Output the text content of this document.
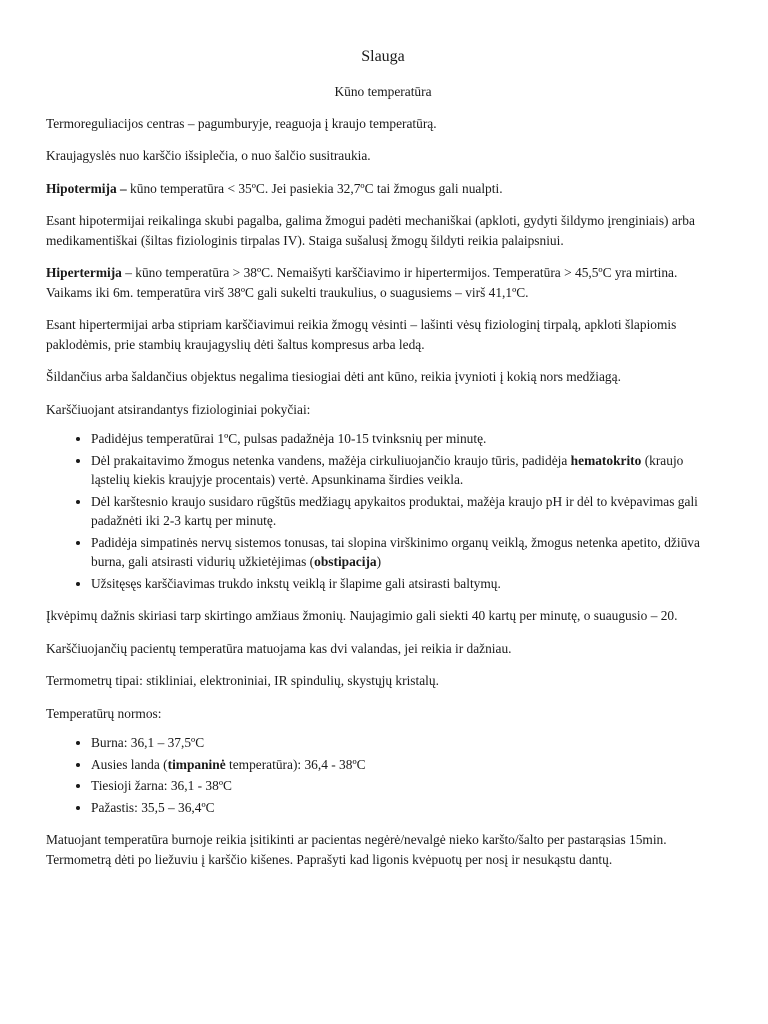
Slauga
Kūno temperatūra

Termoreguliacijos centras – pagumburyje, reaguoja į kraujo temperatūrą.

Kraujagyslės nuo karščio išsiplečia, o nuo šalčio susitraukia.

Hipotermija – kūno temperatūra < 35ºC. Jei pasiekia 32,7ºC tai žmogus gali nualpti.

Esant hipotermijai reikalinga skubi pagalba, galima žmogui padėti mechaniškai (apkloti, gydyti šildymo įrenginiais) arba medikamentiškai (šiltas fiziologinis tirpalas IV). Staiga sušalusį žmogų šildyti reikia palaipsniui.

Hipertermija – kūno temperatūra > 38ºC. Nemaišyti karščiavimo ir hipertermijos. Temperatūra > 45,5ºC yra mirtina. Vaikams iki 6m. temperatūra virš 38ºC gali sukelti traukulius, o suagusiems – virš 41,1ºC.

Esant hipertermijai arba stipriam karščiavimui reikia žmogų vėsinti – lašinti vėsų fiziologinį tirpalą, apkloti šlapiomis paklodėmis, prie stambių kraujagyslių dėti šaltus kompresus arba ledą.

Šildančius arba šaldančius objektus negalima tiesiogiai dėti ant kūno, reikia įvynioti į kokią nors medžiagą.

Karščiuojant atsirandantys fiziologiniai pokyčiai:

• Padidėjus temperatūrai 1ºC, pulsas padažnėja 10-15 tvinksnių per minutę.
• Dėl prakaitavimo žmogus netenka vandens, mažėja cirkuliuojančio kraujo tūris, padidėja hematokrito (kraujo ląstelių kiekis kraujyje procentais) vertė. Apsunkinama širdies veikla.
• Dėl karštesnio kraujo susidaro rūgštūs medžiagų apykaitos produktai, mažėja kraujo pH ir dėl to kvėpavimas gali padažnėti iki 2-3 kartų per minutę.
• Padidėja simpatinės nervų sistemos tonusas, tai slopina virškinimo organų veiklą, žmogus netenka apetito, džiūva burna, gali atsirasti vidurių užkietėjimas (obstipacija)
• Užsitęsęs karščiavimas trukdo inkstų veiklą ir šlapime gali atsirasti baltymų.

Įkvėpimų dažnis skiriasi tarp skirtingo amžiaus žmonių. Naujagimio gali siekti 40 kartų per minutę, o suaugusio – 20.

Karščiuojančių pacientų temperatūra matuojama kas dvi valandas, jei reikia ir dažniau.

Termometrų tipai: stikliniai, elektroniniai, IR spindulių, skystųjų kristalų.

Temperatūrų normos:

• Burna: 36,1 – 37,5ºC
• Ausies landa (timpaninė temperatūra): 36,4 - 38ºC
• Tiesioji žarna: 36,1 - 38ºC
• Pažastis: 35,5 – 36,4ºC

Matuojant temperatūra burnoje reikia įsitikinti ar pacientas negėrė/nevalgė nieko karšto/šalto per pastarąsias 15min. Termometrą dėti po liežuviu į karščio kišenes. Paprašyti kad ligonis kvėpuotų per nosį ir nesukąstu dantų.
